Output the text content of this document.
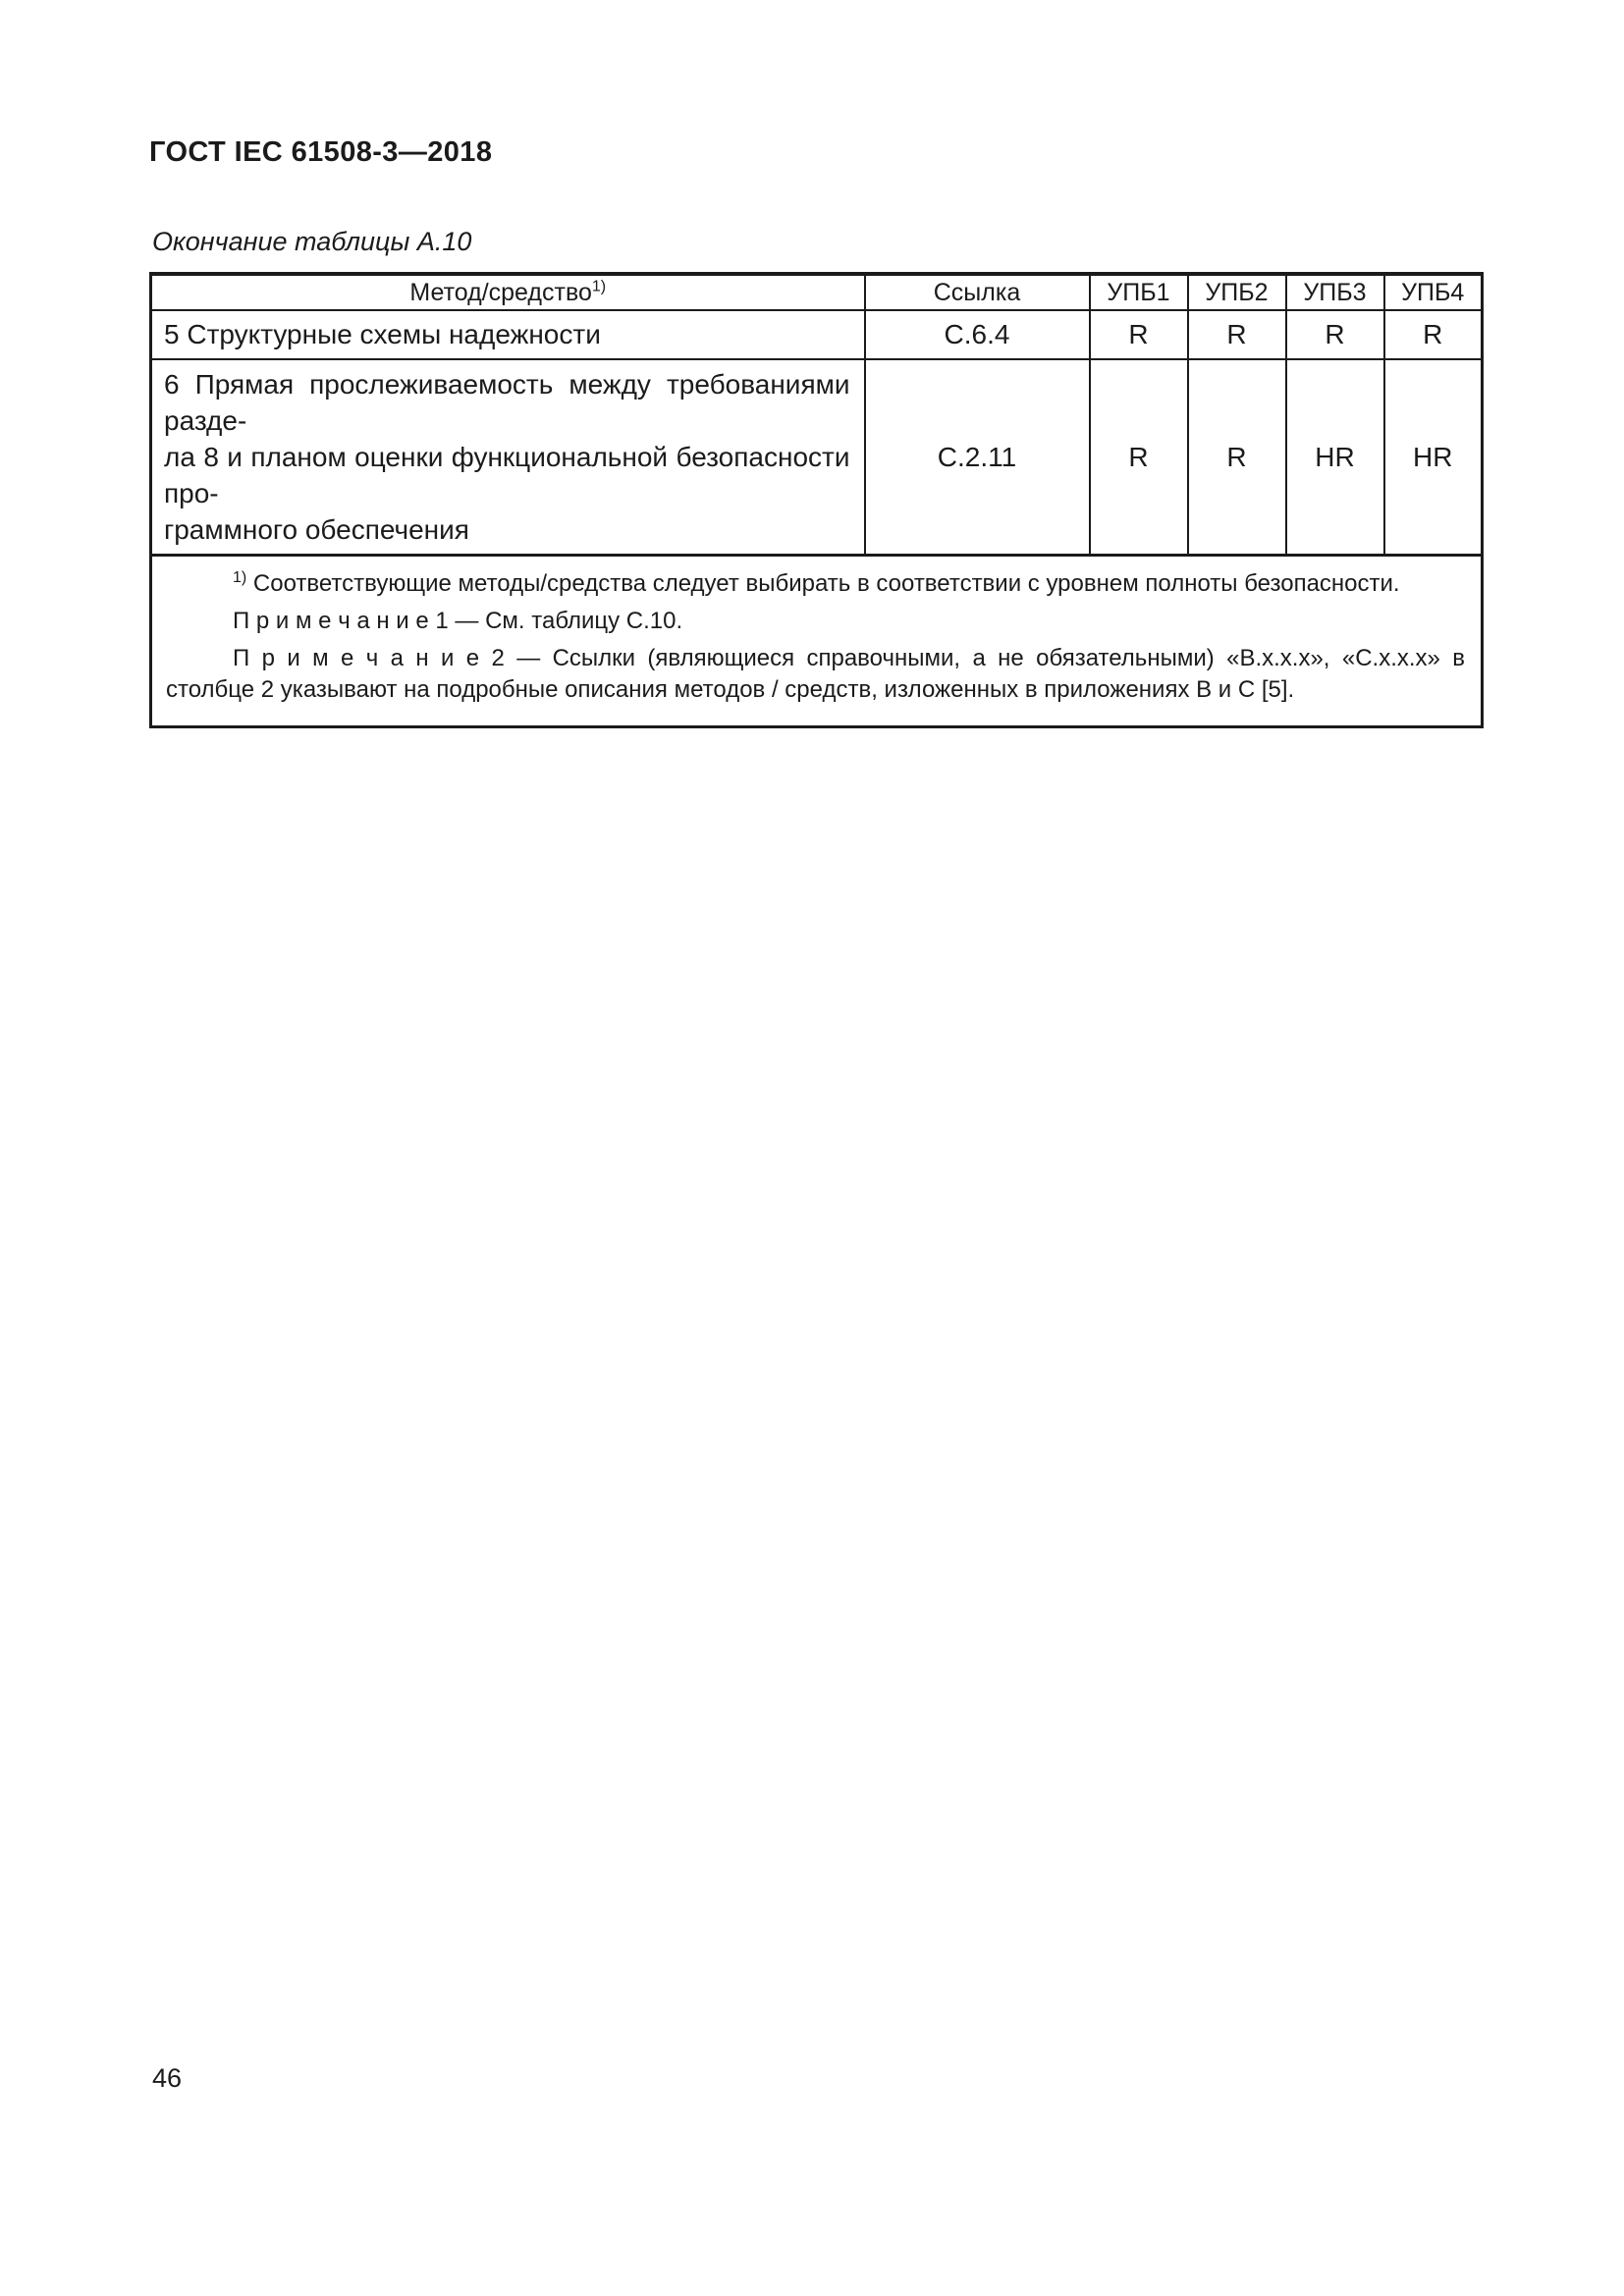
ГОСТ IEC 61508-3—2018
Окончание таблицы А.10
Метод/средство$^{1)}$	Ссылка	УПБ1	УПБ2	УПБ3	УПБ4

5 Структурные схемы надежности	C.6.4	R	R	R	R

6 Прямая прослеживаемость между требованиями разде-
ла 8 и планом оценки функциональной безопасности про-
граммного обеспечения	C.2.11	R	R	HR	HR

$^{1)}$ Соответствующие методы/средства следует выбирать в соответствии с уровнем полноты безопасности.
П р и м е ч а н и е 1 — См. таблицу C.10.
П р и м е ч а н и е 2 — Ссылки (являющиеся справочными, а не обязательными) «B.x.x.x», «C.x.x.x» в
столбце 2 указывают на подробные описания методов / средств, изложенных в приложениях B и C [5].					
46
